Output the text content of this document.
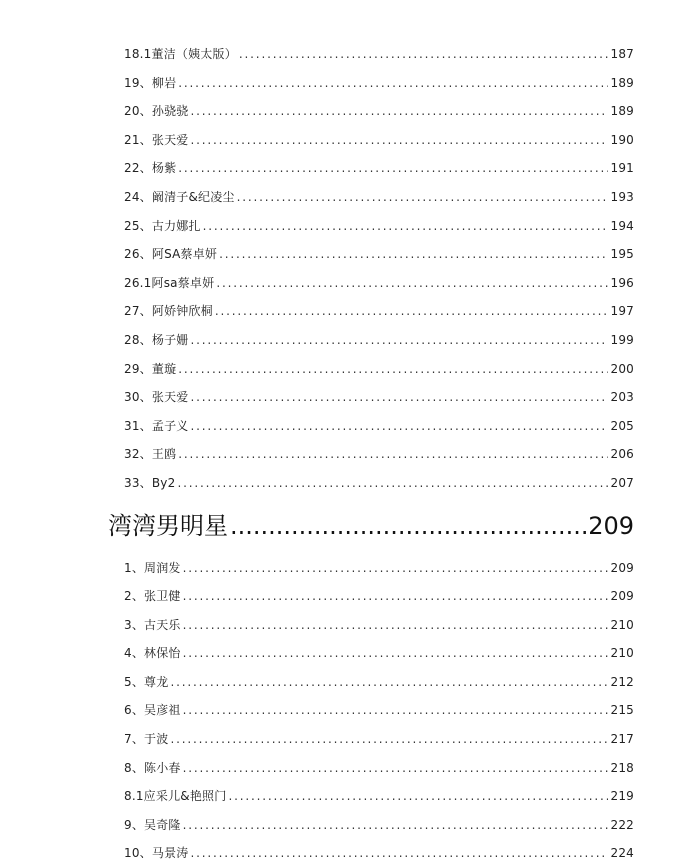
18.1董洁（姨太版） . . .	187
19、柳岩 . . .	189
20、孙骁骁 . . .	189
21、张天爱 . . .	190
22、杨紫 . . .	191
24、阚清子&纪凌尘 . . .	193
25、古力娜扎 . . .	194
26、阿SA蔡卓妍 . . .	195
26.1阿sa蔡卓妍 . . .	196
27、阿娇钟欣桐 . . .	197
28、杨子姗 . . .	199
29、董璇 . . .	200
30、张天爱 . . .	203
31、孟子义 . . .	205
32、王鸥 . . .	206
33、By2 . . .	207
湾湾男明星 .....	209
1、周润发 . . .	209
2、张卫健 . . .	209
3、古天乐 . . .	210
4、林保怡 . . .	210
5、尊龙 . . .	212
6、吴彦祖 . . .	215
7、于波 . . .	217
8、陈小春 . . .	218
8.1应采儿&艳照门 . . .	219
9、吴奇隆 . . .	222
10、马景涛 . . .	224
